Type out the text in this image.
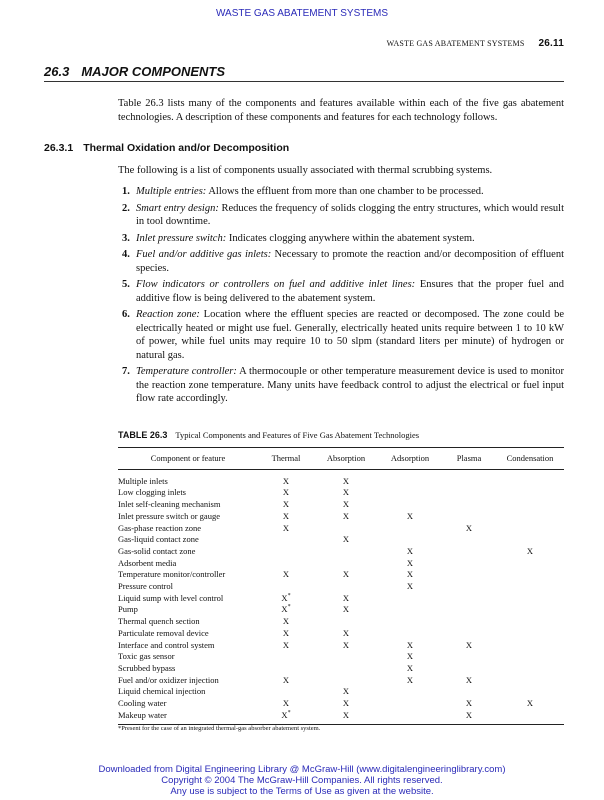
WASTE GAS ABATEMENT SYSTEMS
WASTE GAS ABATEMENT SYSTEMS 26.11
26.3 MAJOR COMPONENTS
Table 26.3 lists many of the components and features available within each of the five gas abatement technologies. A description of these components and features for each technology follows.
26.3.1 Thermal Oxidation and/or Decomposition
The following is a list of components usually associated with thermal scrubbing systems.
1. Multiple entries: Allows the effluent from more than one chamber to be processed.
2. Smart entry design: Reduces the frequency of solids clogging the entry structures, which would result in tool downtime.
3. Inlet pressure switch: Indicates clogging anywhere within the abatement system.
4. Fuel and/or additive gas inlets: Necessary to promote the reaction and/or decomposition of effluent species.
5. Flow indicators or controllers on fuel and additive inlet lines: Ensures that the proper fuel and additive flow is being delivered to the abatement system.
6. Reaction zone: Location where the effluent species are reacted or decomposed. The zone could be electrically heated or might use fuel. Generally, electrically heated units require between 1 to 10 kW of power, while fuel units may require 10 to 50 slpm (standard liters per minute) of hydrogen or natural gas.
7. Temperature controller: A thermocouple or other temperature measurement device is used to monitor the reaction zone temperature. Many units have feedback control to adjust the electrical or fuel input flow rate accordingly.
TABLE 26.3 Typical Components and Features of Five Gas Abatement Technologies
Component or feature	Thermal	Absorption	Adsorption	Plasma	Condensation
Multiple inlets	X	X			
Low clogging inlets	X	X			
Inlet self-cleaning mechanism	X	X			
Inlet pressure switch or gauge	X	X	X		
Gas-phase reaction zone	X			X	
Gas-liquid contact zone		X			
Gas-solid contact zone			X		X
Adsorbent media			X		
Temperature monitor/controller	X	X	X		
Pressure control			X		
Liquid sump with level control	X*	X			
Pump	X*	X			
Thermal quench section	X				
Particulate removal device	X	X			
Interface and control system	X	X	X	X	
Toxic gas sensor			X		
Scrubbed bypass			X		
Fuel and/or oxidizer injection	X		X	X	
Liquid chemical injection		X			
Cooling water	X	X		X	X
Makeup water	X*	X		X	
*Present for the case of an integrated thermal-gas absorber abatement system.
Downloaded from Digital Engineering Library @ McGraw-Hill (www.digitalengineeringlibrary.com)
Copyright © 2004 The McGraw-Hill Companies. All rights reserved.
Any use is subject to the Terms of Use as given at the website.
